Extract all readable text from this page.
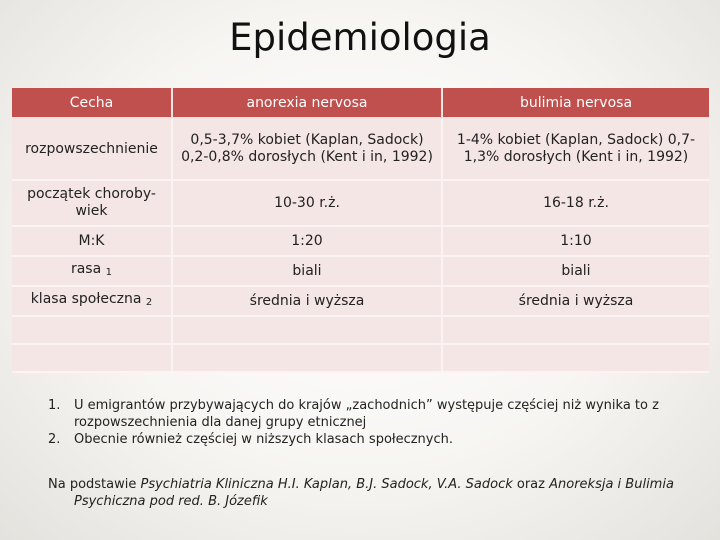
Epidemiologia
Cecha	anorexia nervosa	bulimia nervosa
rozpowszechnienie	0,5-3,7% kobiet (Kaplan, Sadock) 0,2-0,8% dorosłych (Kent i in, 1992)	1-4% kobiet (Kaplan, Sadock) 0,7-1,3% dorosłych (Kent i in, 1992)
początek choroby-wiek	10-30 r.ż.	16-18 r.ż.
M:K	1:20	1:10
rasa $_1$	biali	biali
klasa społeczna $_2$	średnia i wyższa	średnia i wyższa

1.	U emigrantów przybywających do krajów „zachodnich” występuje częściej niż wynika to z rozpowszechnienia dla danej grupy etnicznej
2.	Obecnie również częściej w niższych klasach społecznych.
Na podstawie Psychiatria Kliniczna H.I. Kaplan, B.J. Sadock, V.A. Sadock oraz Anoreksja i Bulimia
Psychiczna pod red. B. Józefik
